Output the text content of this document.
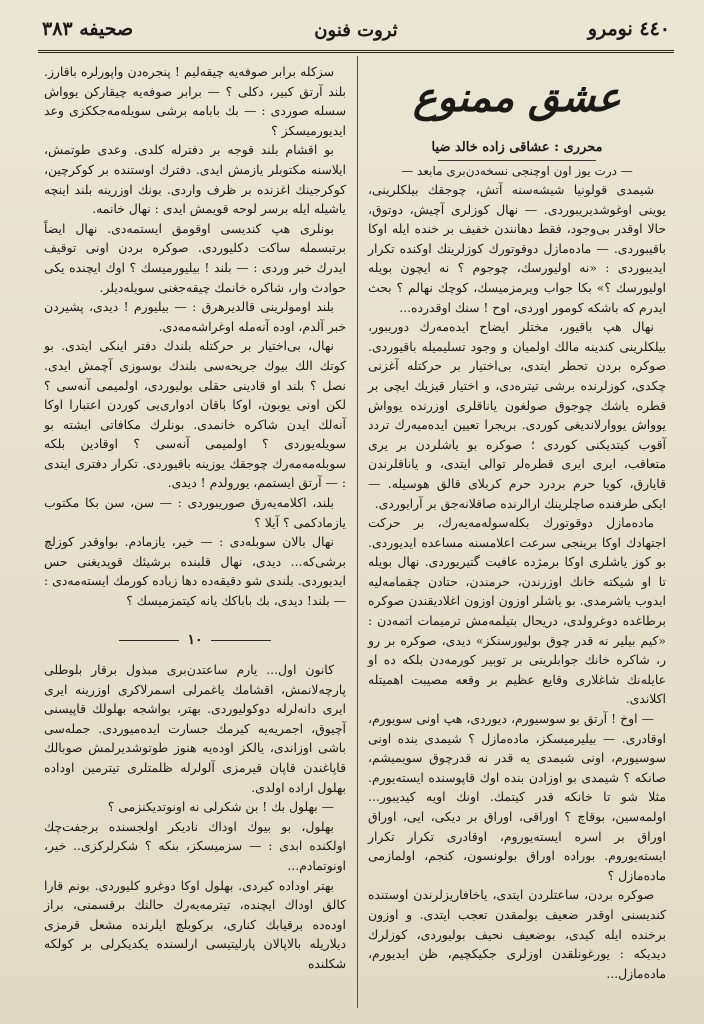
٤٤٠ نومرو
ثروت فنون
صحيفه ٣٨٣
عشق ممنوع
محرری : عشاقی زاده خالد ضیا
— درت یوز اون اوچنجی نسخه‌دن‌بری مابعد —

شیمدی قولونیا شیشه‌سنه آتش، چوجقك بیلكلرینی، یوینی اوغوشدیریبوردی. — نهال كوزلری آچیش، دوتوق، حالا اوقدر بی‌وجود، فقط دهانندن خفیف بر خنده ایله اوكا باقیبوردی. — ماده‌مازل دوقوتورك كوزلرینك اوكنده تكرار ایدیبوردی : «نه اولیورسك، چوجوم ؟ نه ایچون بویله اولیورسك ؟» بكا جواب ویرمزمیسك، كوچك نهالم ؟ بحث ایدرم كه باشكه كومور اوردی، اوح ! سنك اوقدرده...

نهال هپ باقیور، مختلر ایضاح ایده‌مه‌رك دوریبور، بیلكلرینی كندینه مالك اولمیان و وجود تسلیمیله باقیوردی. صوكره بردن تحطر ایتدی، بی‌اختیار بر حركتله آغزنی چكدی، كوزلرنده برشی تیتره‌دی، و اختیار قیزیك ایچی بر قطره یاشك چوجوق صولغون یاناقلری اوزرنده یوواش یوواش یووارلاندیغی كوردی. بریجرا تعیین ایده‌میه‌رك تردد آقوب كیتدیكنی كوردی ؛ صوكره بو یاشلردن بر یری متعاقب، ایری ایری قطره‌لر توالی ایتدی، و یاناقلرندن قایارق، كویا حرم بردرد حرم كربلای قالق هوسیله. — ایكی طرفنده صاچلرینك ارالرنده صاقلانه‌جق بر آرایوردی.

ماده‌مازل دوقوتورك بكله‌سوله‌مه‌یه‌رك، بر حركت اجتهادك اوكا برینجی سرعت اعلامسنه مساعده ایدیوردی. بو كوز یاشلری اوكا برمژده عافیت گتیریوردی. نهال بویله تا او شیكته خانك اوزرندن، حرمندن، حتادن چقمامه‌لیه ایدوب یاشرمدی. بو یاشلر اوزون اوزون اغلادیقندن صوكره برطاغده دوغرولدی، دریحال بتیلمه‌مش ترمیمات اتمه‌دن : «كیم بیلیر نه قدر چوق بولیورسنکز» دیدی، صوكره بر رو ر، شاکره خانك جوابلرینی بر توبیر کورمه‌دن بلكه ده او عایله‌نك شاغلاری وقایع عظیم بر وقعه مصیبت اهمیتله اكلاندی.

— اوخ ! آرتق بو سوسیورم، دیوردی، هپ اونی سویورم، اوقادری. — بیلیرمیسکز، ماده‌مازل ؟ شیمدی بنده اونی سوسیورم، اونی شیمدی یه قدر نه قدرچوق سویمیشم، صانکه ؟ شیمدی بو اوزادن بنده اوك قاپوسنده ایسته‌یورم. مثلا شو تا خانكه قدر کیتمك. اونك اویه كیدیبور... اولمه‌سین، بوقاچ ؟ اوراقی، اوراق بر دیكی، ایی، اوراق اوراق بر اسره ایسته‌یوروم، اوقادری تكرار تكرار ایسته‌یوروم. بوراده اوراق بولونسون، كنجم، اولمازمی ماده‌مازل ؟

صوكره بردن، ساعتلردن ایتدی، یاخافاریزلرندن اوستنده كندیسنی اوقدر ضعیف بولمقدن تعجب ایتدی. و اوزون برخنده ایله كیدی، بوضعیف نحیف بولیوردی، كوزلرك دیدیكه : یورغونلقدن اوزلری جكیكچیم، ظن ایدیورم، ماده‌مازل...

سزكله برابر صوفه‌یه چیقه‌لیم ! پنجره‌دن واپورلره باقارز. بلند آرتق كبیر، دكلی ؟ — برابر صوفه‌یه چیقاركن یوواش سسله صوردی : — بك بابامه برشی سویله‌مه‌جككزی وعد ایدیورمیسكز ؟

بو اقشام بلند قوجه بر دفترله كلدی. وعدی طوتمش، ایلاسنه مكتوبلر یازمش ایدی. دفترك اوستنده بر كوكرچین، كوكرجینك اغزنده بر ظرف واردی. بونك اوزرینه بلند اینچه یاشیله ایله برسر لوحه قویمش ایدی : نهال خانمه.

بونلری هپ كندیسی اوقومق ایستمه‌دی. نهال ایضاً برتبسمله ساكت دكلیوردی. صوكره بردن اونی توقیف ایدرك خبر وردی : — بلند ! بیلیورمیسك ؟ اوك ایچنده یكی حوادث وار، شاكره خانمك چیقه‌جغنی سویله‌دیلر.

بلند اومولرینی قالدیرهرق : — بیلیورم ! دیدی، پشیردن خبر آلدم، اوده آنه‌مله اوغراشه‌مه‌دی.

نهال، بی‌اختیار بر حركتله بلندك دفتر اینكی ایتدی. بو كوتك الك بیوك جریحه‌سی بلندك بوسوزی آچمش ایدی. نصل ؟ بلند او قادینی حقلی بولیوردی، اولمیمی آنه‌سی ؟ لكن اونی یوبون، اوكا باقان ادواری‌یی كوردن اعتبارا اوكا آنه‌لك ایدن شاكره خانمدی. بونلرك مكافاتی ایشته بو سویله‌یوردی ؟ اولمیمی آنه‌سی ؟ اوقادین بلكه سوبله‌مه‌مه‌رك چوجقك یوزینه باقیوردی. تكرار دفتری ایتدی : — آرتق ایستمم، یورولدم ! دیدی.

بلند، اكلامه‌یه‌رق صوریبوردی : — سن، سن بكا مكتوب یازمادکمی ؟ آیلا ؟

نهال بالان سوبله‌دی : — خیر، یازمادم. بواوقدر كوزلچ برشی‌كه... دیدی، نهال قلبنده برشیئك قوپدیغنی حس ایدیوردی. بلندی شو دقیقه‌ده دها زیاده كورمك ایسته‌مه‌دی : — بلند! دیدی، بك بابا‌كك یانه كیتمزمیسك ؟

۱۰

كانون اول... یارم ساعتدن‌بری مبذول برقار بلوطلی پارچه‌لانمش، اقشامك یاغمرلی اسمرلاكری اوزرینه ایری ایری دانه‌لرله دوكولیوردی. بهتر، بواشجه بهلولك قاپیسنی آچیوق، اجمریه‌یه كیرمك جسارت ایده‌میوردی. جمله‌سی باشی اوزاندی، یالكز اوده‌یه هنوز طوتوشدیرلمش صوبالك قاپاغندن قاپان قیرمزی آلولرله ظلمتلری تیترمین اوداده بهلول اراده اولدی.

— بهلول بك ! بن شکرلی نه اونوتدیکنزمی ؟

بهلول، بو بیوك اوداك نادیكر اولجسنده برجفت‌چك اولكنده ابدی : — سزمیسكز، بنكه ؟ شكرلرکزی.. خیر، اونوتمادم...

بهتر اوداده كیردی. بهلول اوكا دوغرو كلیوردی. بونم قارا كالق اوداك ایچنده، تیترمه‌یه‌رك حالنك برقسمنی، براز اوده‌ده برقیابك كناری، بركوبلچ ایلرنده مشعل قرمزی دیلاریله بالاپالان پارلیتیسی ارلسنده یكدیكرلی بر كولكه شكلنده
